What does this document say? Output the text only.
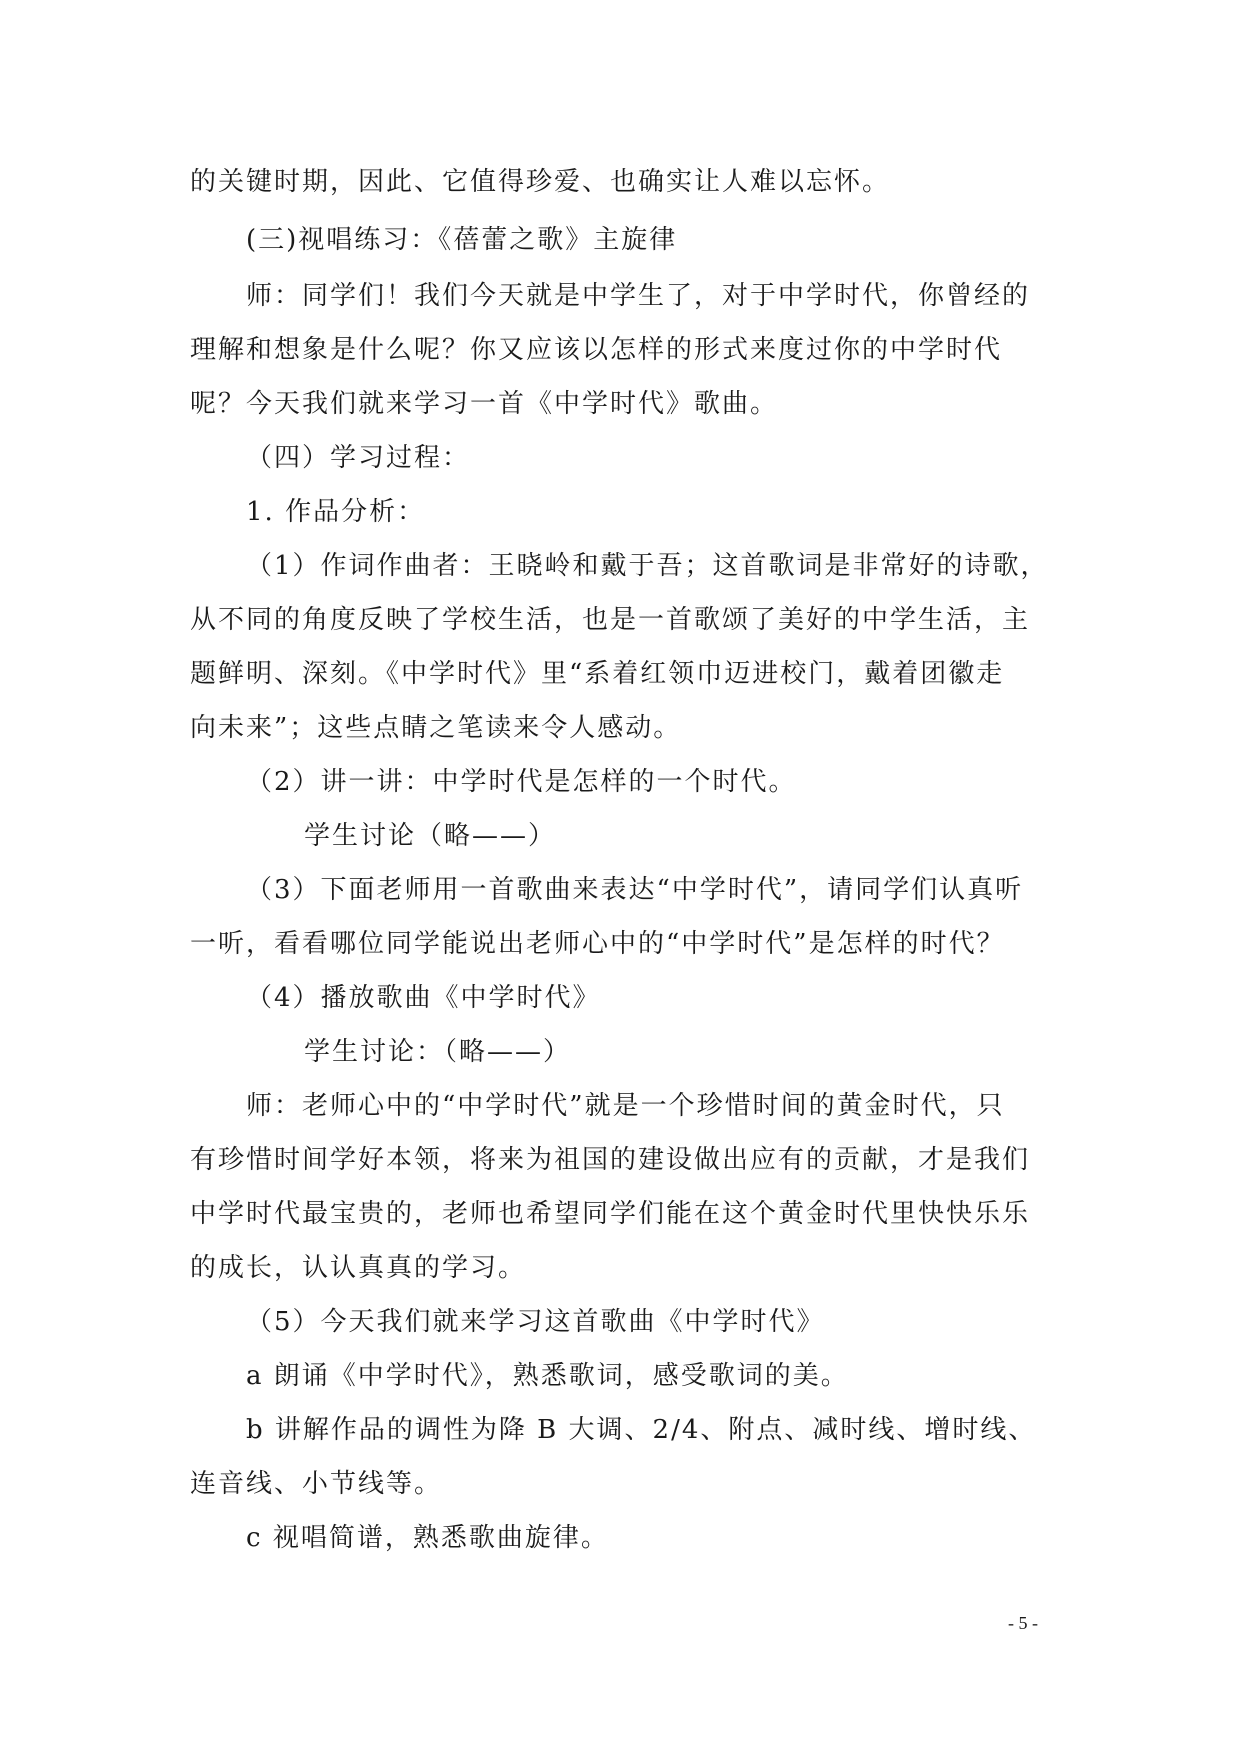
的关键时期，因此、它值得珍爱、也确实让人难以忘怀。
(三)视唱练习：《蓓蕾之歌》主旋律
师：同学们！我们今天就是中学生了，对于中学时代，你曾经的
理解和想象是什么呢？你又应该以怎样的形式来度过你的中学时代
呢？今天我们就来学习一首《中学时代》歌曲。
（四）学习过程：
1. 作品分析：
（1）作词作曲者：王晓岭和戴于吾；这首歌词是非常好的诗歌，
从不同的角度反映了学校生活，也是一首歌颂了美好的中学生活，主
题鲜明、深刻。《中学时代》里“系着红领巾迈进校门，戴着团徽走
向未来”；这些点睛之笔读来令人感动。
（2）讲一讲：中学时代是怎样的一个时代。
学生讨论（略——）
（3）下面老师用一首歌曲来表达“中学时代”，请同学们认真听
一听，看看哪位同学能说出老师心中的“中学时代”是怎样的时代？
（4）播放歌曲《中学时代》
学生讨论：（略——）
师：老师心中的“中学时代”就是一个珍惜时间的黄金时代，只
有珍惜时间学好本领，将来为祖国的建设做出应有的贡献，才是我们
中学时代最宝贵的，老师也希望同学们能在这个黄金时代里快快乐乐
的成长，认认真真的学习。
（5）今天我们就来学习这首歌曲《中学时代》
a 朗诵《中学时代》，熟悉歌词，感受歌词的美。
b 讲解作品的调性为降 B 大调、2/4、附点、减时线、增时线、
连音线、小节线等。
c 视唱简谱，熟悉歌曲旋律。
- 5 -
